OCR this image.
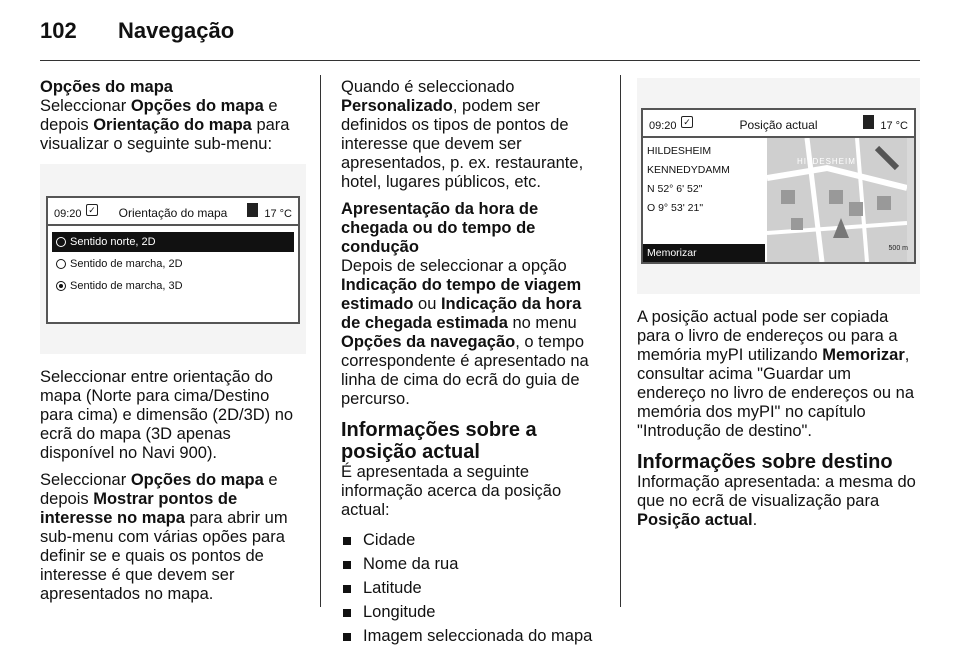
102 Navegação
Opções do mapa

Seleccionar Opções do mapa e depois Orientação do mapa para visualizar o seguinte sub-menu:

09:20 ✓	Orientação do mapa	17 °C
Sentido norte, 2D
Sentido de marcha, 2D
Sentido de marcha, 3D

Seleccionar entre orientação do mapa (Norte para cima/Destino para cima) e dimensão (2D/3D) no ecrã do mapa (3D apenas disponível no Navi 900).

Seleccionar Opções do mapa e depois Mostrar pontos de interesse no mapa para abrir um sub-menu com várias opões para definir se e quais os pontos de interesse é que devem ser apresentados no mapa.

Quando é seleccionado Personalizado, podem ser definidos os tipos de pontos de interesse que devem ser apresentados, p. ex. restaurante, hotel, lugares públicos, etc.

Apresentação da hora de chegada ou do tempo de condução

Depois de seleccionar a opção Indicação do tempo de viagem estimado ou Indicação da hora de chegada estimada no menu Opções da navegação, o tempo correspondente é apresentado na linha de cima do ecrã do guia de percurso.

Informações sobre a posição actual

É apresentada a seguinte informação acerca da posição actual:

Cidade
Nome da rua
Latitude
Longitude
Imagem seleccionada do mapa
09:20 ✓	Posição actual	17 °C
HILDESHEIM
KENNEDYDAMM
N 52° 6' 52"
O 9° 53' 21"
Memorizar
HILDESHEIM
500 m

A posição actual pode ser copiada para o livro de endereços ou para a memória myPI utilizando Memorizar, consultar acima "Guardar um endereço no livro de endereços ou na memória dos myPI" no capítulo "Introdução de destino".

Informações sobre destino

Informação apresentada: a mesma do que no ecrã de visualização para Posição actual.
